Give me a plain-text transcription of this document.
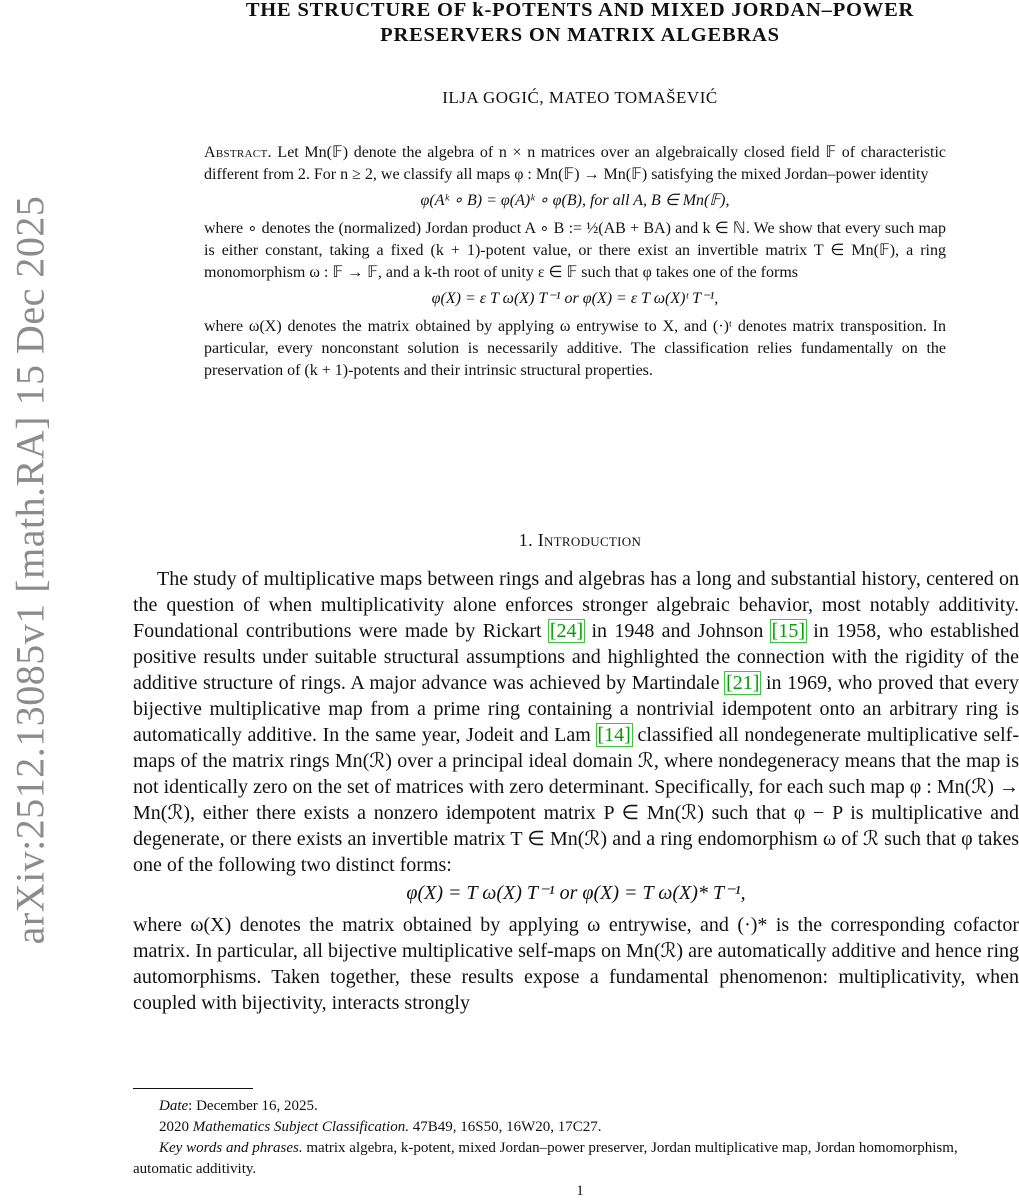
arXiv:2512.13085v1 [math.RA] 15 Dec 2025
THE STRUCTURE OF k-POTENTS AND MIXED JORDAN–POWER
PRESERVERS ON MATRIX ALGEBRAS
ILJA GOGIĆ, MATEO TOMAŠEVIĆ

Abstract. Let Mn(𝔽) denote the algebra of n × n matrices over an algebraically closed field 𝔽 of characteristic different from 2. For n ≥ 2, we classify all maps φ : Mn(𝔽) → Mn(𝔽) satisfying the mixed Jordan–power identity

φ(Aᵏ ∘ B) = φ(A)ᵏ ∘ φ(B), for all A, B ∈ Mn(𝔽),

where ∘ denotes the (normalized) Jordan product A ∘ B := ½(AB + BA) and k ∈ ℕ. We show that every such map is either constant, taking a fixed (k + 1)-potent value, or there exist an invertible matrix T ∈ Mn(𝔽), a ring monomorphism ω : 𝔽 → 𝔽, and a k-th root of unity ε ∈ 𝔽 such that φ takes one of the forms

φ(X) = ε T ω(X) T⁻¹ or φ(X) = ε T ω(X)ᵗ T⁻¹,

where ω(X) denotes the matrix obtained by applying ω entrywise to X, and (·)ᵗ denotes matrix transposition. In particular, every nonconstant solution is necessarily additive. The classification relies fundamentally on the preservation of (k + 1)-potents and their intrinsic structural properties.

1. Introduction

The study of multiplicative maps between rings and algebras has a long and substantial history, centered on the question of when multiplicativity alone enforces stronger algebraic behavior, most notably additivity. Foundational contributions were made by Rickart [24] in 1948 and Johnson [15] in 1958, who established positive results under suitable structural assumptions and highlighted the connection with the rigidity of the additive structure of rings. A major advance was achieved by Martindale [21] in 1969, who proved that every bijective multiplicative map from a prime ring containing a nontrivial idempotent onto an arbitrary ring is automatically additive. In the same year, Jodeit and Lam [14] classified all nondegenerate multiplicative self-maps of the matrix rings Mn(ℛ) over a principal ideal domain ℛ, where nondegeneracy means that the map is not identically zero on the set of matrices with zero determinant. Specifically, for each such map φ : Mn(ℛ) → Mn(ℛ), either there exists a nonzero idempotent matrix P ∈ Mn(ℛ) such that φ − P is multiplicative and degenerate, or there exists an invertible matrix T ∈ Mn(ℛ) and a ring endomorphism ω of ℛ such that φ takes one of the following two distinct forms:

φ(X) = T ω(X) T⁻¹ or φ(X) = T ω(X)* T⁻¹,

where ω(X) denotes the matrix obtained by applying ω entrywise, and (·)* is the corresponding cofactor matrix. In particular, all bijective multiplicative self-maps on Mn(ℛ) are automatically additive and hence ring automorphisms. Taken together, these results expose a fundamental phenomenon: multiplicativity, when coupled with bijectivity, interacts strongly

Date: December 16, 2025.

2020 Mathematics Subject Classification. 47B49, 16S50, 16W20, 17C27.

Key words and phrases. matrix algebra, k-potent, mixed Jordan–power preserver, Jordan multiplicative map, Jordan homomorphism, automatic additivity.

1
